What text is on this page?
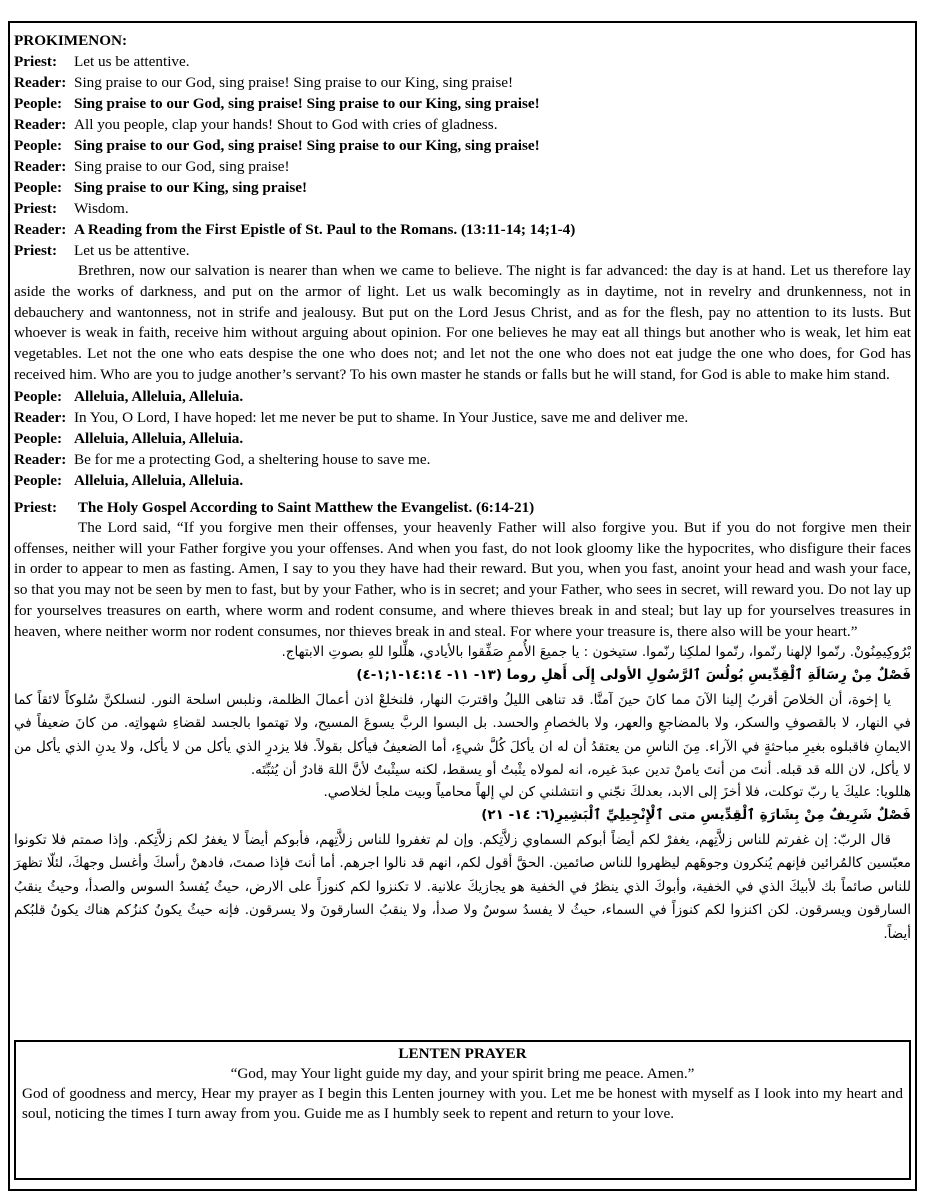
PROKIMENON:
Priest: Let us be attentive.
Reader: Sing praise to our God, sing praise! Sing praise to our King, sing praise!
People: Sing praise to our God, sing praise! Sing praise to our King, sing praise!
Reader: All you people, clap your hands! Shout to God with cries of gladness.
People: Sing praise to our God, sing praise! Sing praise to our King, sing praise!
Reader: Sing praise to our God, sing praise!
People: Sing praise to our King, sing praise!
Priest: Wisdom.
Reader: A Reading from the First Epistle of St. Paul to the Romans. (13:11-14; 14;1-4)
Priest: Let us be attentive.

Brethren, now our salvation is nearer than when we came to believe. The night is far advanced: the day is at hand. Let us therefore lay aside the works of darkness, and put on the armor of light. Let us walk becomingly as in daytime, not in revelry and drunkenness, not in debauchery and wantonness, not in strife and jealousy. But put on the Lord Jesus Christ, and as for the flesh, pay no attention to its lusts. But whoever is weak in faith, receive him without arguing about opinion. For one believes he may eat all things but another who is weak, let him eat vegetables. Let not the one who eats despise the one who does not; and let not the one who does not eat judge the one who does, for God has received him. Who are you to judge another’s servant? To his own master he stands or falls but he will stand, for God is able to make him stand.

People: Alleluia, Alleluia, Alleluia.
Reader: In You, O Lord, I have hoped: let me never be put to shame. In Your Justice, save me and deliver me.
People: Alleluia, Alleluia, Alleluia.
Reader: Be for me a protecting God, a sheltering house to save me.
People: Alleluia, Alleluia, Alleluia.
Priest: The Holy Gospel According to Saint Matthew the Evangelist. (6:14-21)

The Lord said, “If you forgive men their offenses, your heavenly Father will also forgive you. But if you do not forgive men their offenses, neither will your Father forgive you your offenses. And when you fast, do not look gloomy like the hypocrites, who disfigure their faces in order to appear to men as fasting. Amen, I say to you they have had their reward. But you, when you fast, anoint your head and wash your face, so that you may not be seen by men to fast, but by your Father, who is in secret; and your Father, who sees in secret, will reward you. Do not lay up for yourselves treasures on earth, where worm and rodent consume, and where thieves break in and steal; but lay up for yourselves treasures in heaven, where neither worm nor rodent consumes, nor thieves break in and steal. For where your treasure is, there also will be your heart.”

بْرُوكِيمِنُونْ. رنّموا لإلهنا رنّموا، رنّموا لملكِنا رنّموا. ستيخون : يا جميعَ الأُممِ صَفِّقوا بالأيادي، هلِّلوا للهِ بصوتِ الابتهاج.

فَصْلٌ مِنْ رِسَالَةِ ٱلْقِدِّيسِ بُولُسَ ٱلرَّسُولِ الأولى إِلَى أَهلِ روما (١٣- ١١- ١٤:١٤-١;١-٤)

يا إخوة، أن الخلاصَ أقربُ إلينا الآنَ مما كانَ حينَ آمنَّا. قد تناهى الليلُ واقتربَ النهار، فلنخلعْ اذن أعمالَ الظلمة، ونلبس اسلحة النور. لنسلكنَّ سُلوكاً لائقاً كما في النهار، لا بالقصوفِ والسكر، ولا بالمضاجعِ والعهر، ولا بالخصامِ والحسد. بل البسوا الربَّ يسوعَ المسيح، ولا تهتموا بالجسد لقضاءِ شهواتِه. من كانَ ضعيفاً في الايمانِ فاقبلوه بغيرِ مباحثةٍ في الآراء. مِنَ الناسِ من يعتقدُ أن له ان يأكلَ كُلَّ شيءٍ، أما الضعيفُ فيأكل بقولاً. فلا يزدرِ الذي يأكل من لا يأكل، ولا يدنِ الذي يأكل من لا يأكل، لان الله قد قبله. أنتَ من أنتَ يامنْ تدين عبدَ غيره، انه لمولاه يثْبتُ أو يسقط، لكنه سيثْبتُ لأنَّ اللهَ قادرٌ أن يُثبِّتَه.

هللويا: عليكَ يا ربّ توكلت، فلا أخزَ إلى الابد، بعدلكَ نجّني و انتشلني كن لي إلهاً محامياً وبيت ملجأ لخلاصي.

فَصْلٌ شَرِيفٌ مِنْ بِشَارَةِ ٱلْقِدِّيسِ متى ٱلْإِنْجِيلِيِّ ٱلْبَشِيرِ(٦: ١٤- ٢١)

قال الربّ: إن غفرتم للناس زلاَّتِهم، يغفرْ لكم أيضاً أبوكم السماوي زلاَّتِكم. وإن لم تغفروا للناس زلاَّتِهم، فأبوكم أيضاً لا يغفرُ لكم زلاَّتِكم. وإذا صمتم فلا تكونوا معبّسين كالمُرائين فإنهم يُنكرون وجوهَهم ليظهروا للناس صائمين. الحقَّ أقول لكم، انهم قد نالوا اجرهم. أما أنتَ فإذا صمتَ، فادهنْ رأسكَ وأغسل وجهكَ، لئلّا تظهرَ للناس صائماً بك لأبيكَ الذي في الخفية، وأبوكَ الذي ينظرُ في الخفية هو يجازيكَ علانية. لا تكنزوا لكم كنوزاً على الارض، حيثُ يُفسدُ السوس والصدأ، وحيثُ ينقبُ السارقون ويسرقون. لكن اكنزوا لكم كنوزاً في السماء، حيثُ لا يفسدُ سوسٌ ولا صدأ، ولا ينقبُ السارقونَ ولا يسرقون. فإنه حيثُ يكونُ كنزُكم هناك يكونُ قلبُكم أيضاً.

LENTEN PRAYER
“God, may Your light guide my day, and your spirit bring me peace. Amen.”

God of goodness and mercy, Hear my prayer as I begin this Lenten journey with you. Let me be honest with myself as I look into my heart and soul, noticing the times I turn away from you. Guide me as I humbly seek to repent and return to your love.
